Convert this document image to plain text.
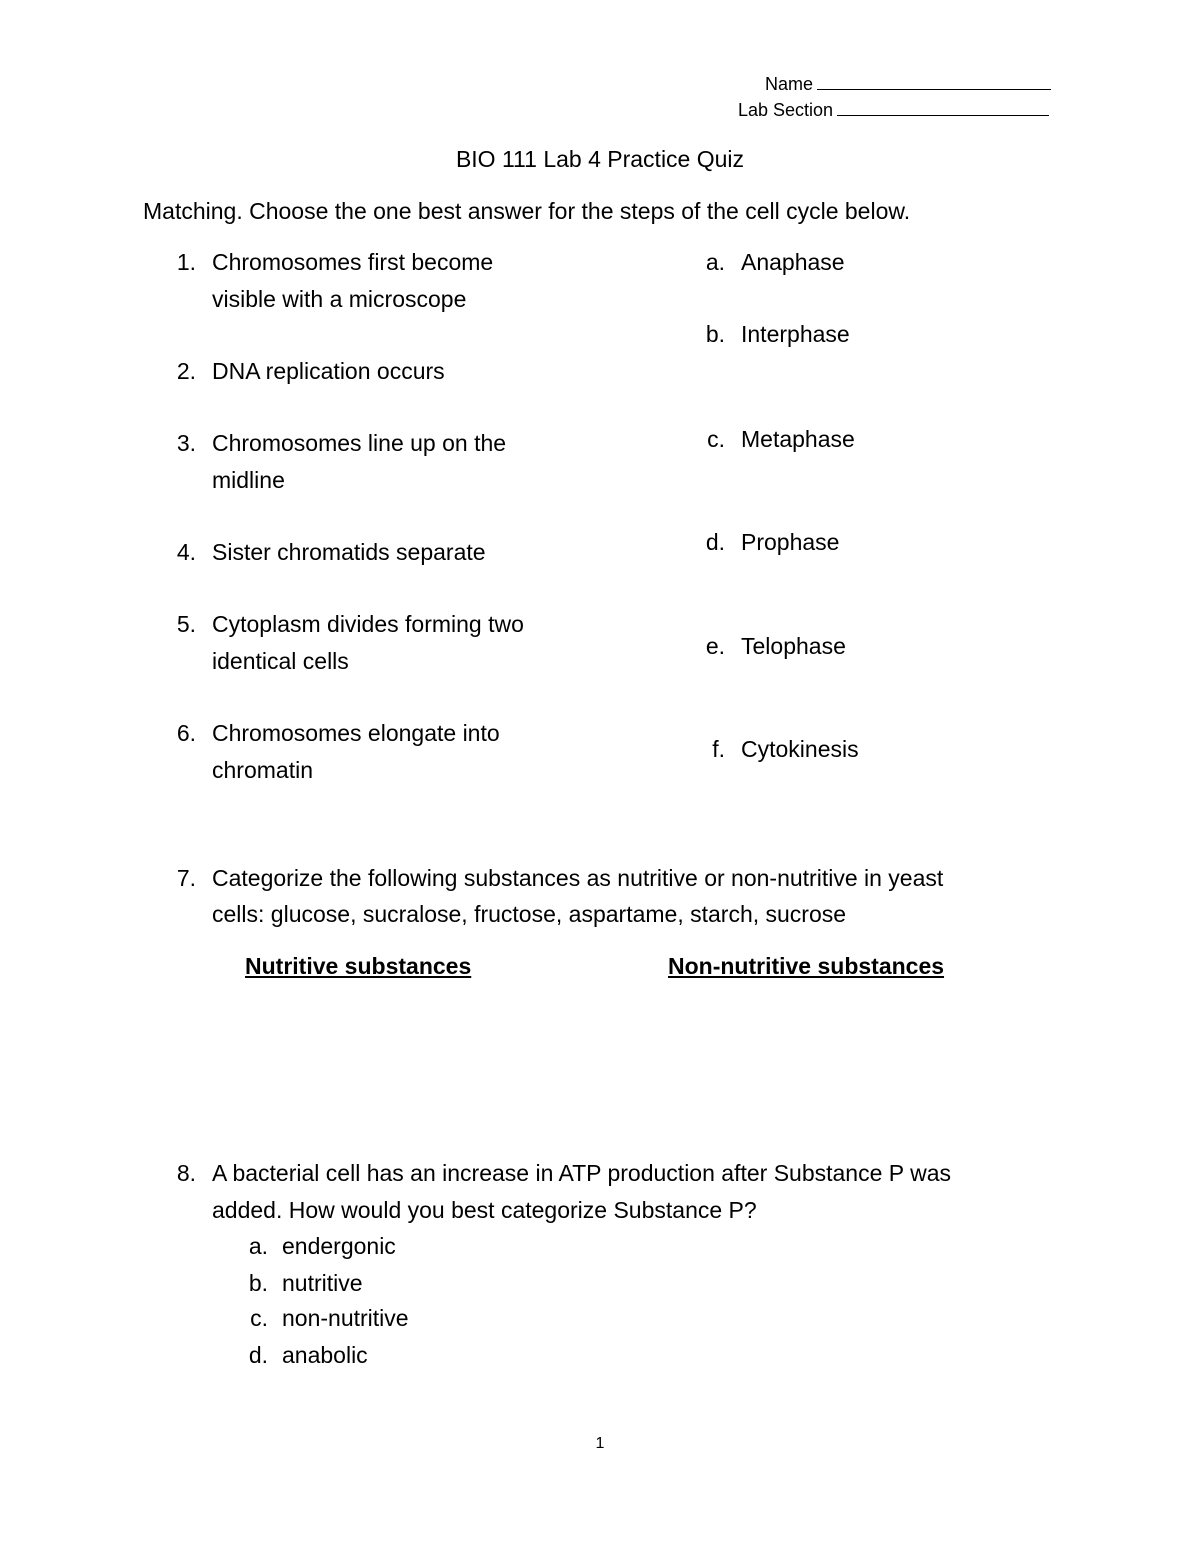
Name
Lab Section
BIO 111 Lab 4 Practice Quiz
Matching. Choose the one best answer for the steps of the cell cycle below.
1. Chromosomes first become
visible with a microscope
2. DNA replication occurs
3. Chromosomes line up on the
midline
4. Sister chromatids separate
5. Cytoplasm divides forming two
identical cells
6. Chromosomes elongate into
chromatin
a. Anaphase
b. Interphase
c. Metaphase
d. Prophase
e. Telophase
f. Cytokinesis
7. Categorize the following substances as nutritive or non-nutritive in yeast
cells: glucose, sucralose, fructose, aspartame, starch, sucrose
Nutritive substances	Non-nutritive substances
8. A bacterial cell has an increase in ATP production after Substance P was
added. How would you best categorize Substance P?
a. endergonic
b. nutritive
c. non-nutritive
d. anabolic
1
